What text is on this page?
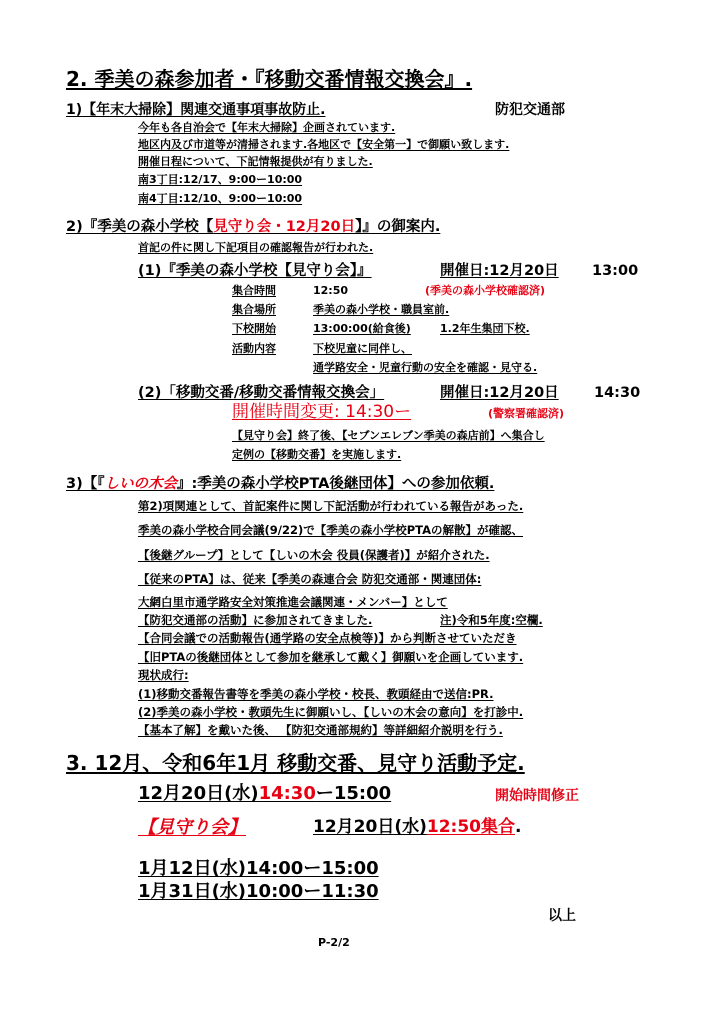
2. 季美の森参加者・『移動交番情報交換会』.
1)【年末大掃除】関連交通事項事故防止.	防犯交通部
今年も各自治会で【年末大掃除】企画されています.
地区内及び市道等が清掃されます.各地区で【安全第一】で御願い致します.
開催日程について、下記情報提供が有りました.
南3丁目:12/17、9:00ー10:00
南4丁目:12/10、9:00ー10:00
2)『季美の森小学校【見守り会・12月20日】』の御案内.
首記の件に関し下記項目の確認報告が行われた.
(1)『季美の森小学校【見守り会】』	開催日:12月20日 13:00
集合時間	12:50	(季美の森小学校確認済)
集合場所	季美の森小学校・職員室前.
下校開始	13:00:00(給食後)	1.2年生集団下校.
活動内容	下校児童に同伴し、
通学路安全・児童行動の安全を確認・見守る.
(2)「移動交番/移動交番情報交換会」	開催日:12月20日 14:30
開催時間変更: 14:30ー	(警察署確認済)
【見守り会】終了後、【セブンエレブン季美の森店前】へ集合し
定例の【移動交番】を実施します.
3)【『しいの木会』:季美の森小学校PTA後継団体】への参加依頼.
第2)項関連として、首記案件に関し下記活動が行われている報告があった.
季美の森小学校合同会議(9/22)で【季美の森小学校PTAの解散】が確認、
【後継グループ】として【しいの木会 役員(保護者)】が紹介された.
【従来のPTA】は、従来【季美の森連合会 防犯交通部・関連団体:
大網白里市通学路安全対策推進会議関連・メンバー】として
【防犯交通部の活動】に参加されてきました.	注)令和5年度:空欄.
【合同会議での活動報告(通学路の安全点検等)】から判断させていただき
【旧PTAの後継団体として参加を継承して戴く】御願いを企画しています.
現状成行:
(1)移動交番報告書等を季美の森小学校・校長、教頭経由で送信:PR.
(2)季美の森小学校・教頭先生に御願いし、【しいの木会の意向】を打診中.
【基本了解】を戴いた後、 【防犯交通部規約】等詳細紹介説明を行う.
3. 12月、令和6年1月 移動交番、見守り活動予定.
12月20日(水)14:30ー15:00	開始時間修正
【見守り会】	12月20日(水)12:50集合.
1月12日(水)14:00ー15:00
1月31日(水)10:00ー11:30
以上
P-2/2
